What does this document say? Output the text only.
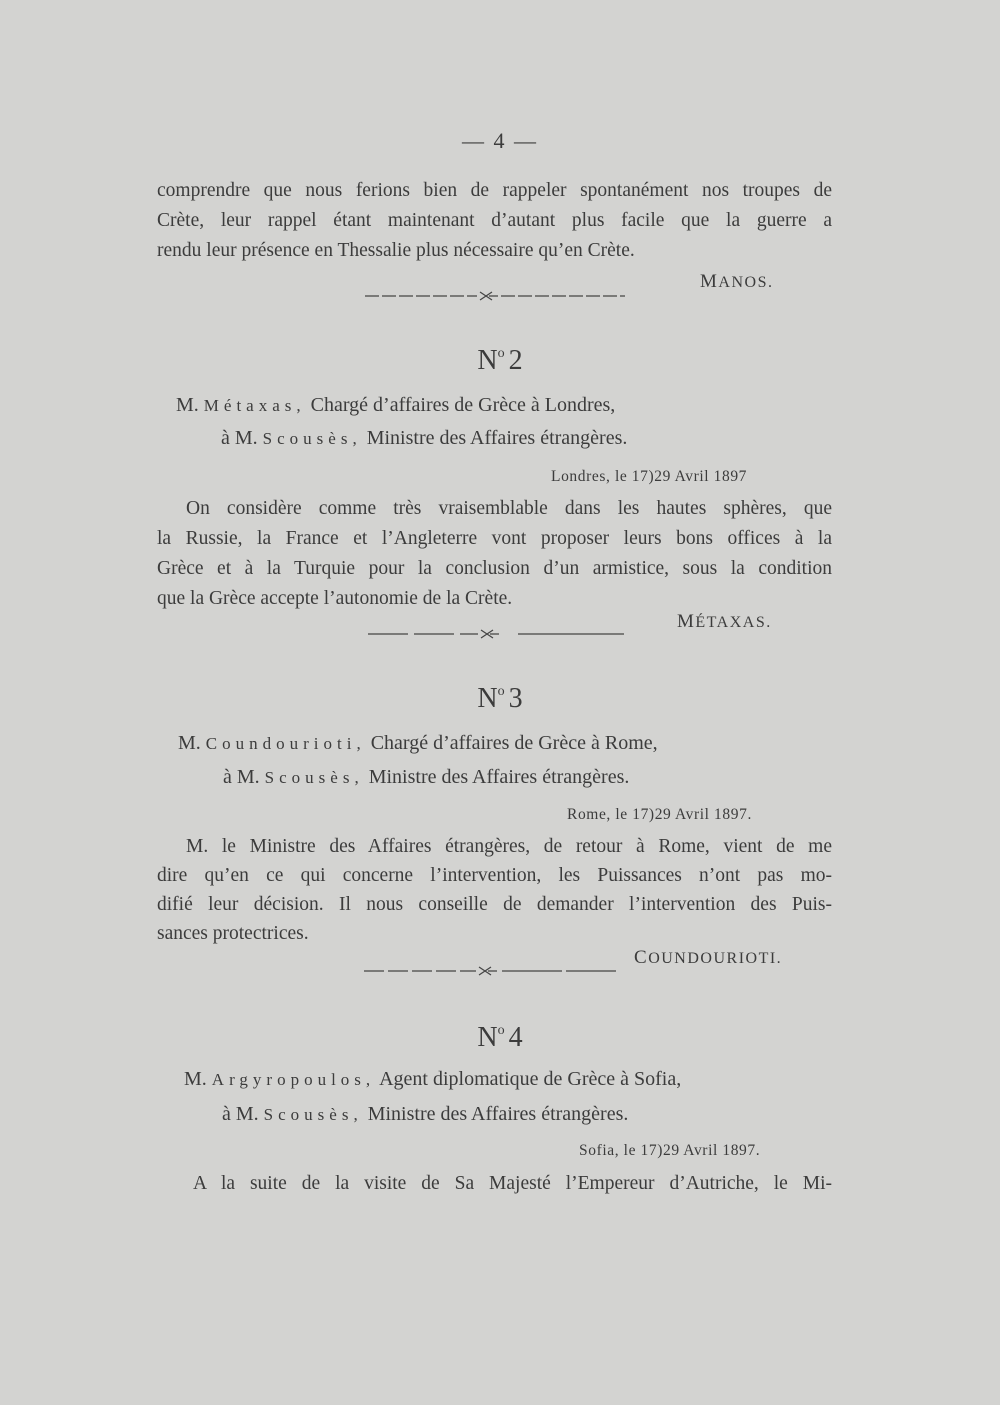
— 4 —
comprendre que nous ferions bien de rappeler spontanément nos troupes de
Crète, leur rappel étant maintenant d’autant plus facile que la guerre a
rendu leur présence en Thessalie plus nécessaire qu’en Crète.
MANOS.
$N^o$ 2
M. Métaxas, Chargé d’affaires de Grèce à Londres,
à M. Scousès, Ministre des Affaires étrangères.
Londres, le 17)29 Avril 1897
On considère comme très vraisemblable dans les hautes sphères, que
la Russie, la France et l’Angleterre vont proposer leurs bons offices à la
Grèce et à la Turquie pour la conclusion d’un armistice, sous la condition
que la Grèce accepte l’autonomie de la Crète.
MÉTAXAS.
$N^o$ 3
M. Coundourioti, Chargé d’affaires de Grèce à Rome,
à M. Scousès, Ministre des Affaires étrangères.
Rome, le 17)29 Avril 1897.
M. le Ministre des Affaires étrangères, de retour à Rome, vient de me
dire qu’en ce qui concerne l’intervention, les Puissances n’ont pas mo-
difié leur décision. Il nous conseille de demander l’intervention des Puis-
sances protectrices.
COUNDOURIOTI.
$N^o$ 4
M. Argyropoulos, Agent diplomatique de Grèce à Sofia,
à M. Scousès, Ministre des Affaires étrangères.
Sofia, le 17)29 Avril 1897.
A la suite de la visite de Sa Majesté l’Empereur d’Autriche, le Mi-
